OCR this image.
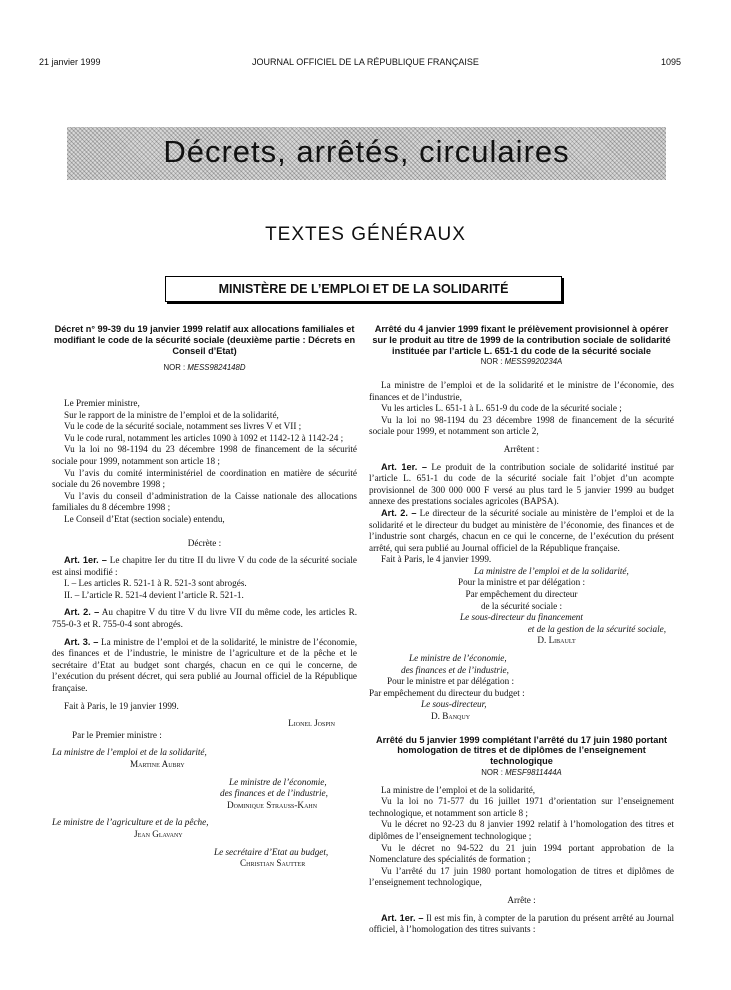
21 janvier 1999	JOURNAL OFFICIEL DE LA RÉPUBLIQUE FRANÇAISE	1095
Décrets, arrêtés, circulaires
TEXTES GÉNÉRAUX
MINISTÈRE DE L’EMPLOI ET DE LA SOLIDARITÉ

Décret n° 99-39 du 19 janvier 1999 relatif aux allocations familiales et modifiant le code de la sécurité sociale (deuxième partie : Décrets en Conseil d’Etat)

NOR : MESS9824148D

Le Premier ministre,

Sur le rapport de la ministre de l’emploi et de la solidarité,

Vu le code de la sécurité sociale, notamment ses livres V et VII ;

Vu le code rural, notamment les articles 1090 à 1092 et 1142-12 à 1142-24 ;

Vu la loi no 98-1194 du 23 décembre 1998 de financement de la sécurité sociale pour 1999, notamment son article 18 ;

Vu l’avis du comité interministériel de coordination en matière de sécurité sociale du 26 novembre 1998 ;

Vu l’avis du conseil d’administration de la Caisse nationale des allocations familiales du 8 décembre 1998 ;

Le Conseil d’Etat (section sociale) entendu,

Décrète :

Art. 1er. – Le chapitre Ier du titre II du livre V du code de la sécurité sociale est ainsi modifié :

I. – Les articles R. 521-1 à R. 521-3 sont abrogés.

II. – L’article R. 521-4 devient l’article R. 521-1.

Art. 2. – Au chapitre V du titre V du livre VII du même code, les articles R. 755-0-3 et R. 755-0-4 sont abrogés.

Art. 3. – La ministre de l’emploi et de la solidarité, le ministre de l’économie, des finances et de l’industrie, le ministre de l’agriculture et de la pêche et le secrétaire d’Etat au budget sont chargés, chacun en ce qui le concerne, de l’exécution du présent décret, qui sera publié au Journal officiel de la République française.

Fait à Paris, le 19 janvier 1999.

Lionel Jospin

Par le Premier ministre :

La ministre de l’emploi et de la solidarité,

Martine Aubry

Le ministre de l’économie,

des finances et de l’industrie,

Dominique Strauss-Kahn

Le ministre de l’agriculture et de la pêche,

Jean Glavany

Le secrétaire d’Etat au budget,

Christian Sautter

Arrêté du 4 janvier 1999 fixant le prélèvement provisionnel à opérer sur le produit au titre de 1999 de la contribution sociale de solidarité instituée par l’article L. 651-1 du code de la sécurité sociale

NOR : MESS9920234A

La ministre de l’emploi et de la solidarité et le ministre de l’économie, des finances et de l’industrie,

Vu les articles L. 651-1 à L. 651-9 du code de la sécurité sociale ;

Vu la loi no 98-1194 du 23 décembre 1998 de financement de la sécurité sociale pour 1999, et notamment son article 2,

Arrêtent :

Art. 1er. – Le produit de la contribution sociale de solidarité institué par l’article L. 651-1 du code de la sécurité sociale fait l’objet d’un acompte provisionnel de 300 000 000 F versé au plus tard le 5 janvier 1999 au budget annexe des prestations sociales agricoles (BAPSA).

Art. 2. – Le directeur de la sécurité sociale au ministère de l’emploi et de la solidarité et le directeur du budget au ministère de l’économie, des finances et de l’industrie sont chargés, chacun en ce qui le concerne, de l’exécution du présent arrêté, qui sera publié au Journal officiel de la République française.

Fait à Paris, le 4 janvier 1999.

La ministre de l’emploi et de la solidarité,

Pour la ministre et par délégation :

Par empêchement du directeur

de la sécurité sociale :

Le sous-directeur du financement

et de la gestion de la sécurité sociale,

D. Libault

Le ministre de l’économie,

des finances et de l’industrie,

Pour le ministre et par délégation :

Par empêchement du directeur du budget :

Le sous-directeur,

D. Banquy

Arrêté du 5 janvier 1999 complétant l’arrêté du 17 juin 1980 portant homologation de titres et de diplômes de l’enseignement technologique

NOR : MESF9811444A

La ministre de l’emploi et de la solidarité,

Vu la loi no 71-577 du 16 juillet 1971 d’orientation sur l’enseignement technologique, et notamment son article 8 ;

Vu le décret no 92-23 du 8 janvier 1992 relatif à l’homologation des titres et diplômes de l’enseignement technologique ;

Vu le décret no 94-522 du 21 juin 1994 portant approbation de la Nomenclature des spécialités de formation ;

Vu l’arrêté du 17 juin 1980 portant homologation de titres et diplômes de l’enseignement technologique,

Arrête :

Art. 1er. – Il est mis fin, à compter de la parution du présent arrêté au Journal officiel, à l’homologation des titres suivants :
